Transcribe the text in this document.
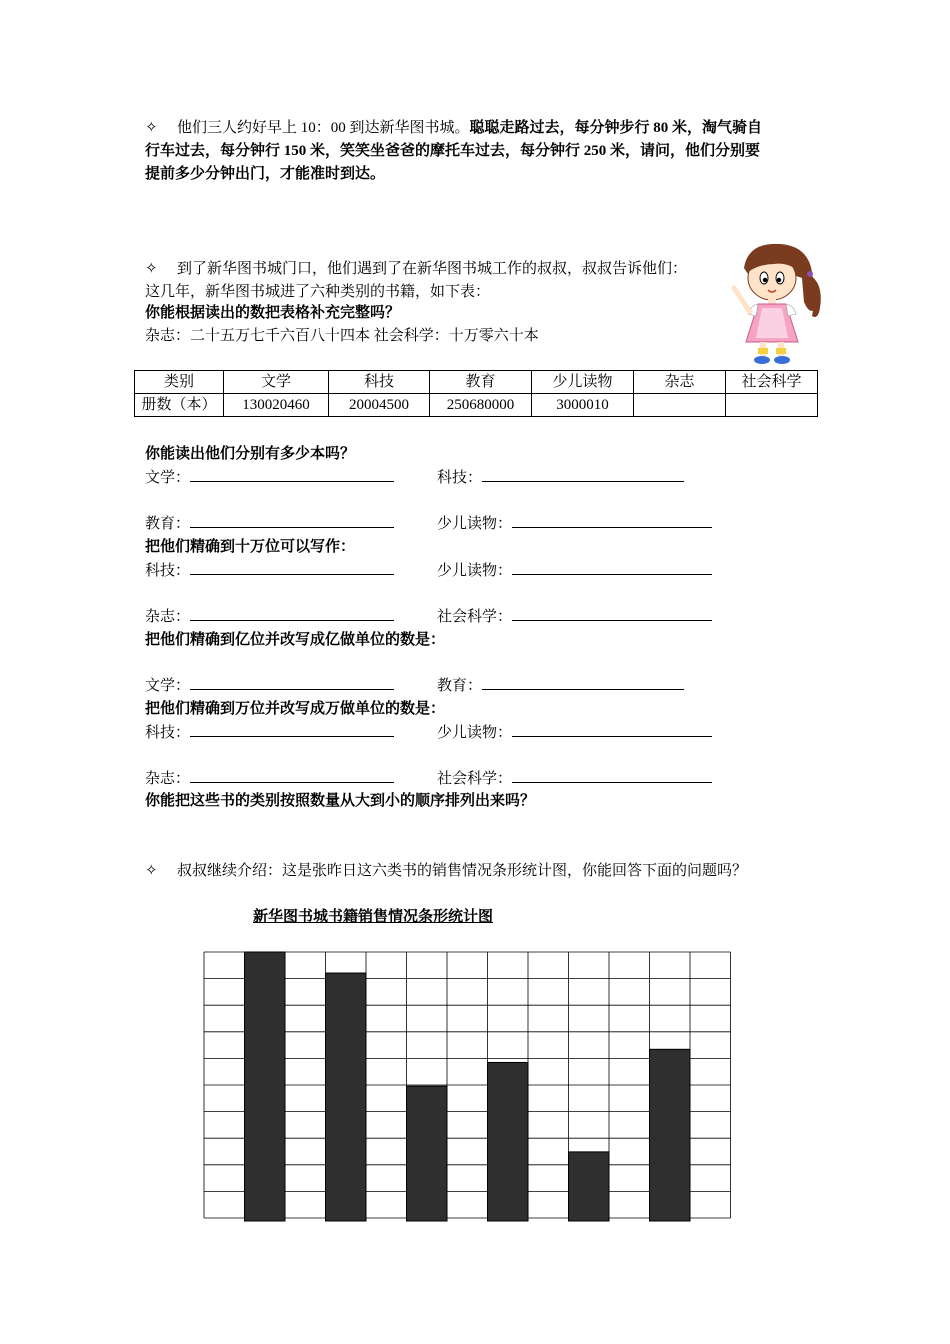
✧ 他们三人约好早上 10：00 到达新华图书城。聪聪走路过去，每分钟步行 80 米，淘气骑自
行车过去，每分钟行 150 米，笑笑坐爸爸的摩托车过去，每分钟行 250 米，请问，他们分别要
提前多少分钟出门，才能准时到达。
✧ 到了新华图书城门口，他们遇到了在新华图书城工作的叔叔，叔叔告诉他们：
这几年，新华图书城进了六种类别的书籍，如下表：
你能根据读出的数把表格补充完整吗？
杂志：二十五万七千六百八十四本 社会科学：十万零六十本
类别	文学	科技	教育	少儿读物	杂志	社会科学
册数（本）	130020460	20004500	250680000	3000010		
你能读出他们分别有多少本吗？
文学：	科技：
教育：	少儿读物：
把他们精确到十万位可以写作：
科技：	少儿读物：
杂志：	社会科学：
把他们精确到亿位并改写成亿做单位的数是：
文学：	教育：
把他们精确到万位并改写成万做单位的数是：
科技：	少儿读物：
杂志：	社会科学：
你能把这些书的类别按照数量从大到小的顺序排列出来吗？
✧ 叔叔继续介绍：这是张昨日这六类书的销售情况条形统计图，你能回答下面的问题吗？
新华图书城书籍销售情况条形统计图
